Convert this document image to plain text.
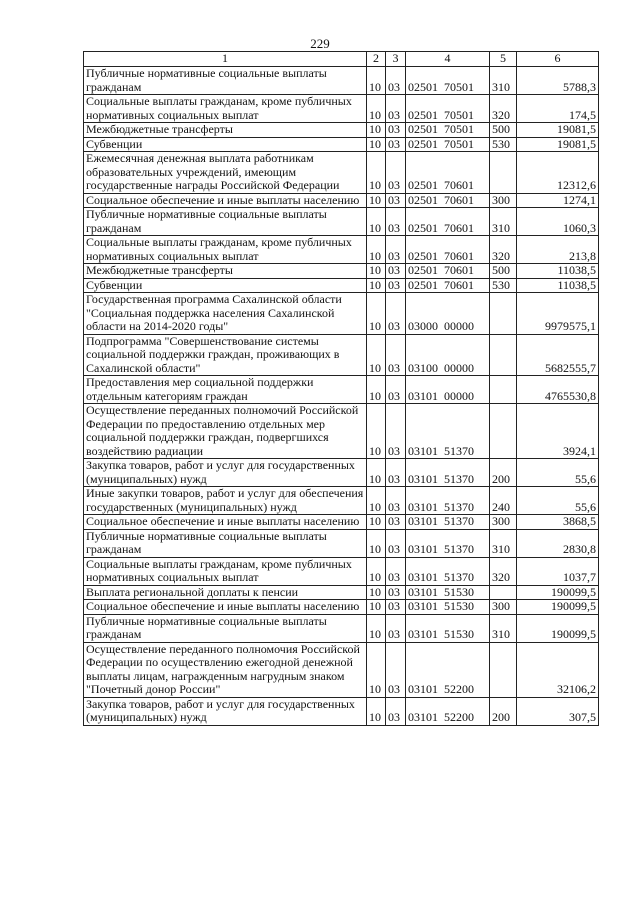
229
1	2	3	4	5	6
Публичные нормативные социальные выплаты гражданам	10	03	02501  70501	310	5788,3
Социальные выплаты гражданам, кроме публичных нормативных социальных выплат	10	03	02501  70501	320	174,5
Межбюджетные трансферты	10	03	02501  70501	500	19081,5
Субвенции	10	03	02501  70501	530	19081,5
Ежемесячная денежная выплата работникам образовательных учреждений, имеющим государственные награды Российской Федерации	10	03	02501  70601		12312,6
Социальное обеспечение и иные выплаты населению	10	03	02501  70601	300	1274,1
Публичные нормативные социальные выплаты гражданам	10	03	02501  70601	310	1060,3
Социальные выплаты гражданам, кроме публичных нормативных социальных выплат	10	03	02501  70601	320	213,8
Межбюджетные трансферты	10	03	02501  70601	500	11038,5
Субвенции	10	03	02501  70601	530	11038,5
Государственная программа Сахалинской области "Социальная поддержка населения Сахалинской области на 2014-2020 годы"	10	03	03000  00000		9979575,1
Подпрограмма "Совершенствование системы социальной поддержки граждан, проживающих в Сахалинской области"	10	03	03100  00000		5682555,7
Предоставления мер социальной поддержки отдельным категориям граждан	10	03	03101  00000		4765530,8
Осуществление переданных полномочий Российской Федерации по предоставлению отдельных мер социальной поддержки граждан, подвергшихся воздействию радиации	10	03	03101  51370		3924,1
Закупка товаров, работ и услуг для государственных (муниципальных) нужд	10	03	03101  51370	200	55,6
Иные закупки товаров, работ и услуг для обеспечения государственных (муниципальных) нужд	10	03	03101  51370	240	55,6
Социальное обеспечение и иные выплаты населению	10	03	03101  51370	300	3868,5
Публичные нормативные социальные выплаты гражданам	10	03	03101  51370	310	2830,8
Социальные выплаты гражданам, кроме публичных нормативных социальных выплат	10	03	03101  51370	320	1037,7
Выплата региональной доплаты к пенсии	10	03	03101  51530		190099,5
Социальное обеспечение и иные выплаты населению	10	03	03101  51530	300	190099,5
Публичные нормативные социальные выплаты гражданам	10	03	03101  51530	310	190099,5
Осуществление переданного полномочия Российской Федерации по осуществлению ежегодной денежной выплаты лицам, награжденным нагрудным знаком "Почетный донор России"	10	03	03101  52200		32106,2
Закупка товаров, работ и услуг для государственных (муниципальных) нужд	10	03	03101  52200	200	307,5
